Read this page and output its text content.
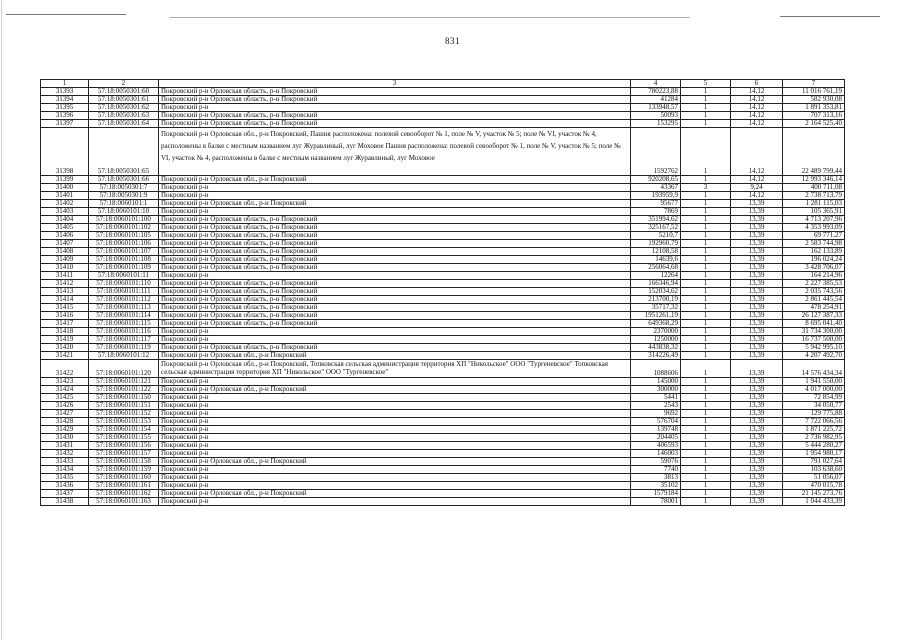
831
1	2	3	4	5	6	7
31393	57:18:0050301:60	Покровский р-н Орловская область, р-н Покровский	780223,88	1	14,12	11 016 761,19
31394	57:18:0050301:61	Покровский р-н Орловская область, р-н Покровский	41284	1	14,12	582 930,08
31395	57:18:0050301:62	Покровский р-н	133948,57	1	14,12	1 891 353,81
31396	57:18:0050301:63	Покровский р-н Орловская область, р-н Покровский	50093	1	14,12	707 313,16
31397	57:18:0050301:64	Покровский р-н Орловская область, р-н Покровский	153295	1	14,12	2 164 525,40
31398	57:18:0050301:65	Покровский р-н Орловская обл., р-н Покровский, Пашня расположена: полевой севооборот № 1, поле № V, участок № 5; поле № VI, участок № 4, расположены в балке с местным названием луг Журавлиный, луг Моховое Пашня расположена: полевой севооборот № 1, поле № V, участок № 5; поле № VI, участок № 4, расположены в балке с местным названием луг Журавлиный, луг Моховое	1592762	1	14,12	22 489 799,44
31399	57:18:0050301:66	Покровский р-н Орловская обл., р-н Покровский	920208,65	1	14,12	12 993 346,14
31400	57:18:0050301:7	Покровский р-н	43367	3	9,24	400 711,08
31401	57:18:0050301:9	Покровский р-н	193959,9	1	14,12	2 738 713,79
31402	57:18:0060101:1	Покровский р-н Орловская обл., р-н Покровский	95677	1	13,39	1 281 115,03
31403	57:18:0060101:10	Покровский р-н	7869	1	13,39	105 365,91
31404	57:18:0060101:100	Покровский р-н Орловская область, р-н Покровский	351994,62	1	13,39	4 713 207,96
31405	57:18:0060101:102	Покровский р-н Орловская область, р-н Покровский	325167,52	1	13,39	4 353 993,09
31406	57:18:0060101:105	Покровский р-н Орловская область, р-н Покровский	5210,7	1	13,39	69 771,27
31407	57:18:0060101:106	Покровский р-н Орловская область, р-н Покровский	192960,79	1	13,39	2 583 744,98
31408	57:18:0060101:107	Покровский р-н Орловская область, р-н Покровский	12108,58	1	13,39	162 133,89
31409	57:18:0060101:108	Покровский р-н Орловская область, р-н Покровский	14639,6	1	13,39	196 024,24
31410	57:18:0060101:109	Покровский р-н Орловская область, р-н Покровский	256064,68	1	13,39	3 428 706,07
31411	57:18:0060101:11	Покровский р-н	12264	1	13,39	164 214,96
31412	57:18:0060101:110	Покровский р-н Орловская область, р-н Покровский	166346,94	1	13,39	2 227 385,53
31413	57:18:0060101:111	Покровский р-н Орловская область, р-н Покровский	152034,62	1	13,39	2 035 743,56
31414	57:18:0060101:112	Покровский р-н Орловская область, р-н Покровский	213700,19	1	13,39	2 861 445,54
31415	57:18:0060101:113	Покровский р-н Орловская область, р-н Покровский	35717,32	1	13,39	478 254,91
31416	57:18:0060101:114	Покровский р-н Орловская область, р-н Покровский	1951261,19	1	13,39	26 127 387,33
31417	57:18:0060101:115	Покровский р-н Орловская область, р-н Покровский	649368,29	1	13,39	8 695 041,40
31418	57:18:0060101:116	Покровский р-н	2370000	1	13,39	31 734 300,00
31419	57:18:0060101:117	Покровский р-н	1250000	1	13,39	16 737 500,00
31420	57:18:0060101:119	Покровский р-н Орловская область, р-н Покровский	443838,32	1	13,39	5 942 995,10
31421	57:18:0060101:12	Покровский р-н Орловская обл., р-н Покровский	314226,49	1	13,39	4 207 492,70
31422	57:18:0060101:120	Покровский р-н Орловская обл., р-н Покровский, Топковская сельская администрация территория ХП "Никольское" ООО "Тургеневское" Топковская сельская администрация территория ХП "Никольское" ООО "Тургеневское"	1088606	1	13,39	14 576 434,34
31423	57:18:0060101:121	Покровский р-н	145000	1	13,39	1 941 550,00
31424	57:18:0060101:122	Покровский р-н Орловская обл., р-н Покровский	300000	1	13,39	4 017 000,00
31425	57:18:0060101:150	Покровский р-н	5441	1	13,39	72 854,99
31426	57:18:0060101:151	Покровский р-н	2543	1	13,39	34 050,77
31427	57:18:0060101:152	Покровский р-н	9692	1	13,39	129 775,88
31428	57:18:0060101:153	Покровский р-н	576704	1	13,39	7 722 066,56
31429	57:18:0060101:154	Покровский р-н	139748	1	13,39	1 871 225,72
31430	57:18:0060101:155	Покровский р-н	204405	1	13,39	2 736 982,95
31431	57:18:0060101:156	Покровский р-н	406593	1	13,39	5 444 280,27
31432	57:18:0060101:157	Покровский р-н	146003	1	13,39	1 954 980,17
31433	57:18:0060101:158	Покровский р-н Орловская обл., р-н Покровский	59076	1	13,39	791 027,64
31434	57:18:0060101:159	Покровский р-н	7740	1	13,39	103 638,60
31435	57:18:0060101:160	Покровский р-н	3813	1	13,39	51 056,07
31436	57:18:0060101:161	Покровский р-н	35102	1	13,39	470 015,78
31437	57:18:0060101:162	Покровский р-н Орловская обл., р-н Покровский	1579184	1	13,39	21 145 273,76
31438	57:18:0060101:163	Покровский р-н	78001	1	13,39	1 044 433,39
